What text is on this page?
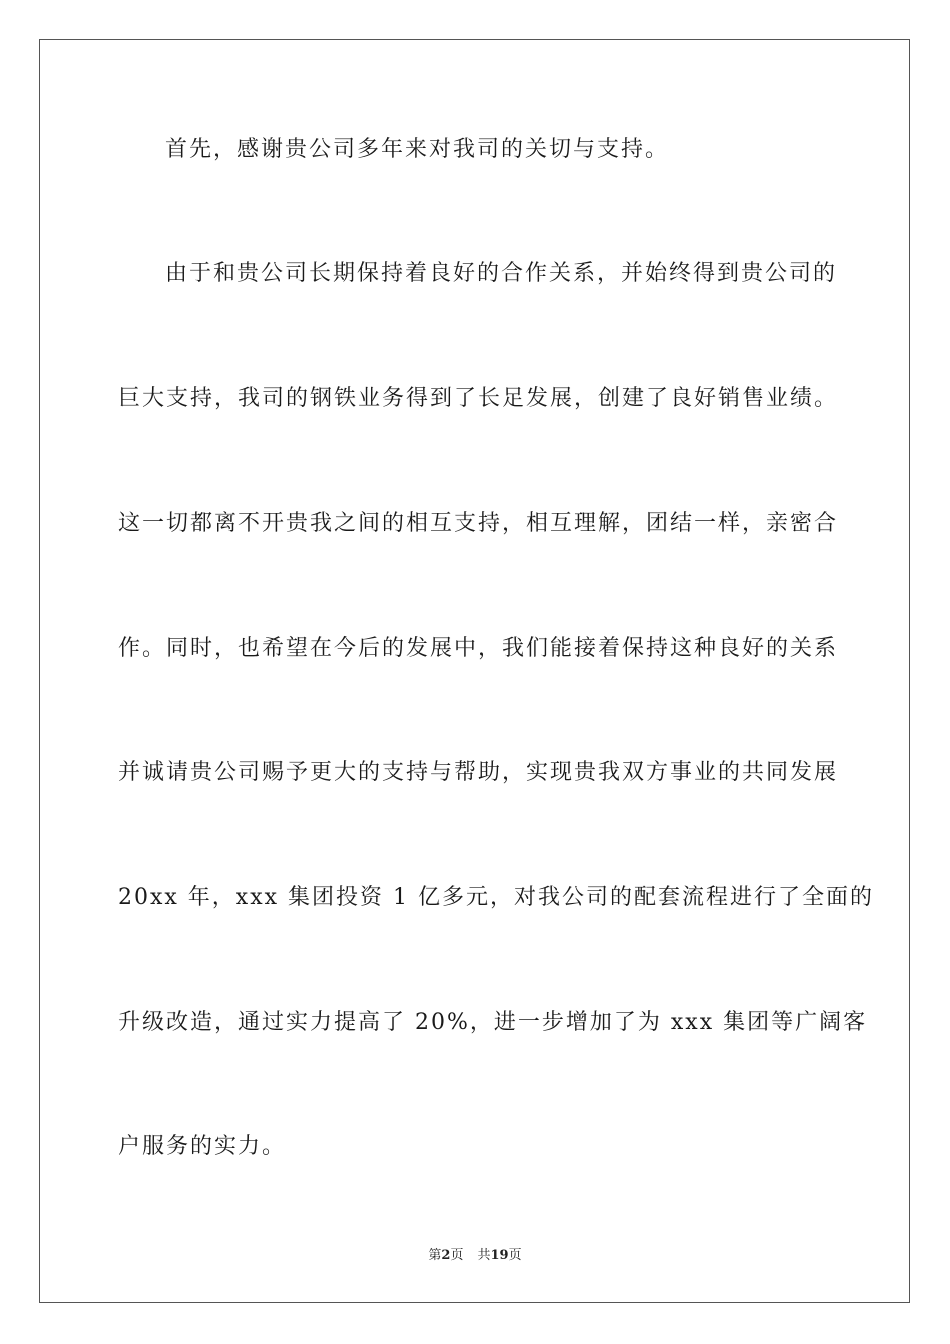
首先，感谢贵公司多年来对我司的关切与支持。
由于和贵公司长期保持着良好的合作关系，并始终得到贵公司的
巨大支持，我司的钢铁业务得到了长足发展，创建了良好销售业绩。
这一切都离不开贵我之间的相互支持，相互理解，团结一样，亲密合
作。同时，也希望在今后的发展中，我们能接着保持这种良好的关系
并诚请贵公司赐予更大的支持与帮助，实现贵我双方事业的共同发展
20xx 年，xxx 集团投资 1 亿多元，对我公司的配套流程进行了全面的
升级改造，通过实力提高了 20%，进一步增加了为 xxx 集团等广阔客
户服务的实力。
第2页 共19页
